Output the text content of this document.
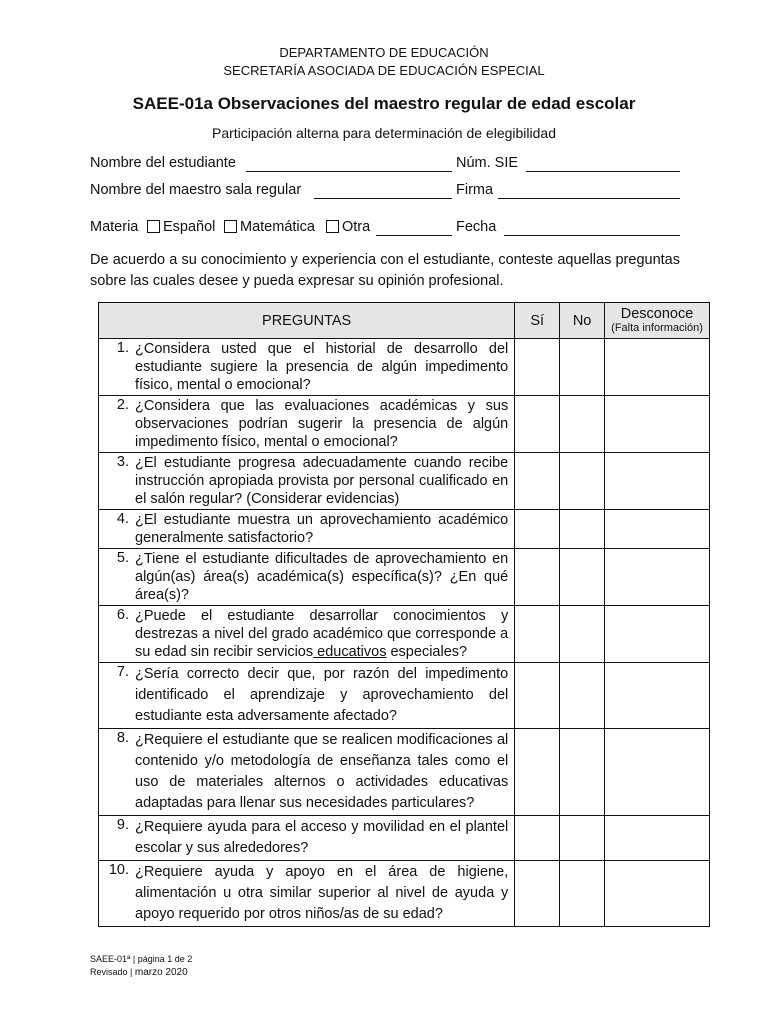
DEPARTAMENTO DE EDUCACIÓN
SECRETARÍA ASOCIADA DE EDUCACIÓN ESPECIAL
SAEE-01a Observaciones del maestro regular de edad escolar
Participación alterna para determinación de elegibilidad
Nombre del estudiante	Núm. SIE
Nombre del maestro sala regular	Firma
Materia	Español	Matemática	Otra	Fecha
De acuerdo a su conocimiento y experiencia con el estudiante, conteste aquellas preguntas sobre las cuales desee y pueda expresar su opinión profesional.
PREGUNTAS	Sí	No	Desconoce
(Falta información)

1. ¿Considera usted que el historial de desarrollo del estudiante sugiere la presencia de algún impedimento físico, mental o emocional?			

2. ¿Considera que las evaluaciones académicas y sus observaciones podrían sugerir la presencia de algún impedimento físico, mental o emocional?			

3. ¿El estudiante progresa adecuadamente cuando recibe instrucción apropiada provista por personal cualificado en el salón regular? (Considerar evidencias)			

4. ¿El estudiante muestra un aprovechamiento académico generalmente satisfactorio?			

5. ¿Tiene el estudiante dificultades de aprovechamiento en algún(as) área(s) académica(s) específica(s)? ¿En qué área(s)?			

6. ¿Puede el estudiante desarrollar conocimientos y destrezas a nivel del grado académico que corresponde a su edad sin recibir servicios educativos especiales?			

7. ¿Sería correcto decir que, por razón del impedimento identificado el aprendizaje y aprovechamiento del estudiante esta adversamente afectado?			

8. ¿Requiere el estudiante que se realicen modificaciones al contenido y/o metodología de enseñanza tales como el uso de materiales alternos o actividades educativas adaptadas para llenar sus necesidades particulares?			

9. ¿Requiere ayuda para el acceso y movilidad en el plantel escolar y sus alrededores?			

10. ¿Requiere ayuda y apoyo en el área de higiene, alimentación u otra similar superior al nivel de ayuda y apoyo requerido por otros niños/as de su edad?			

SAEE-01ª | página 1 de 2
Revisado | marzo 2020
